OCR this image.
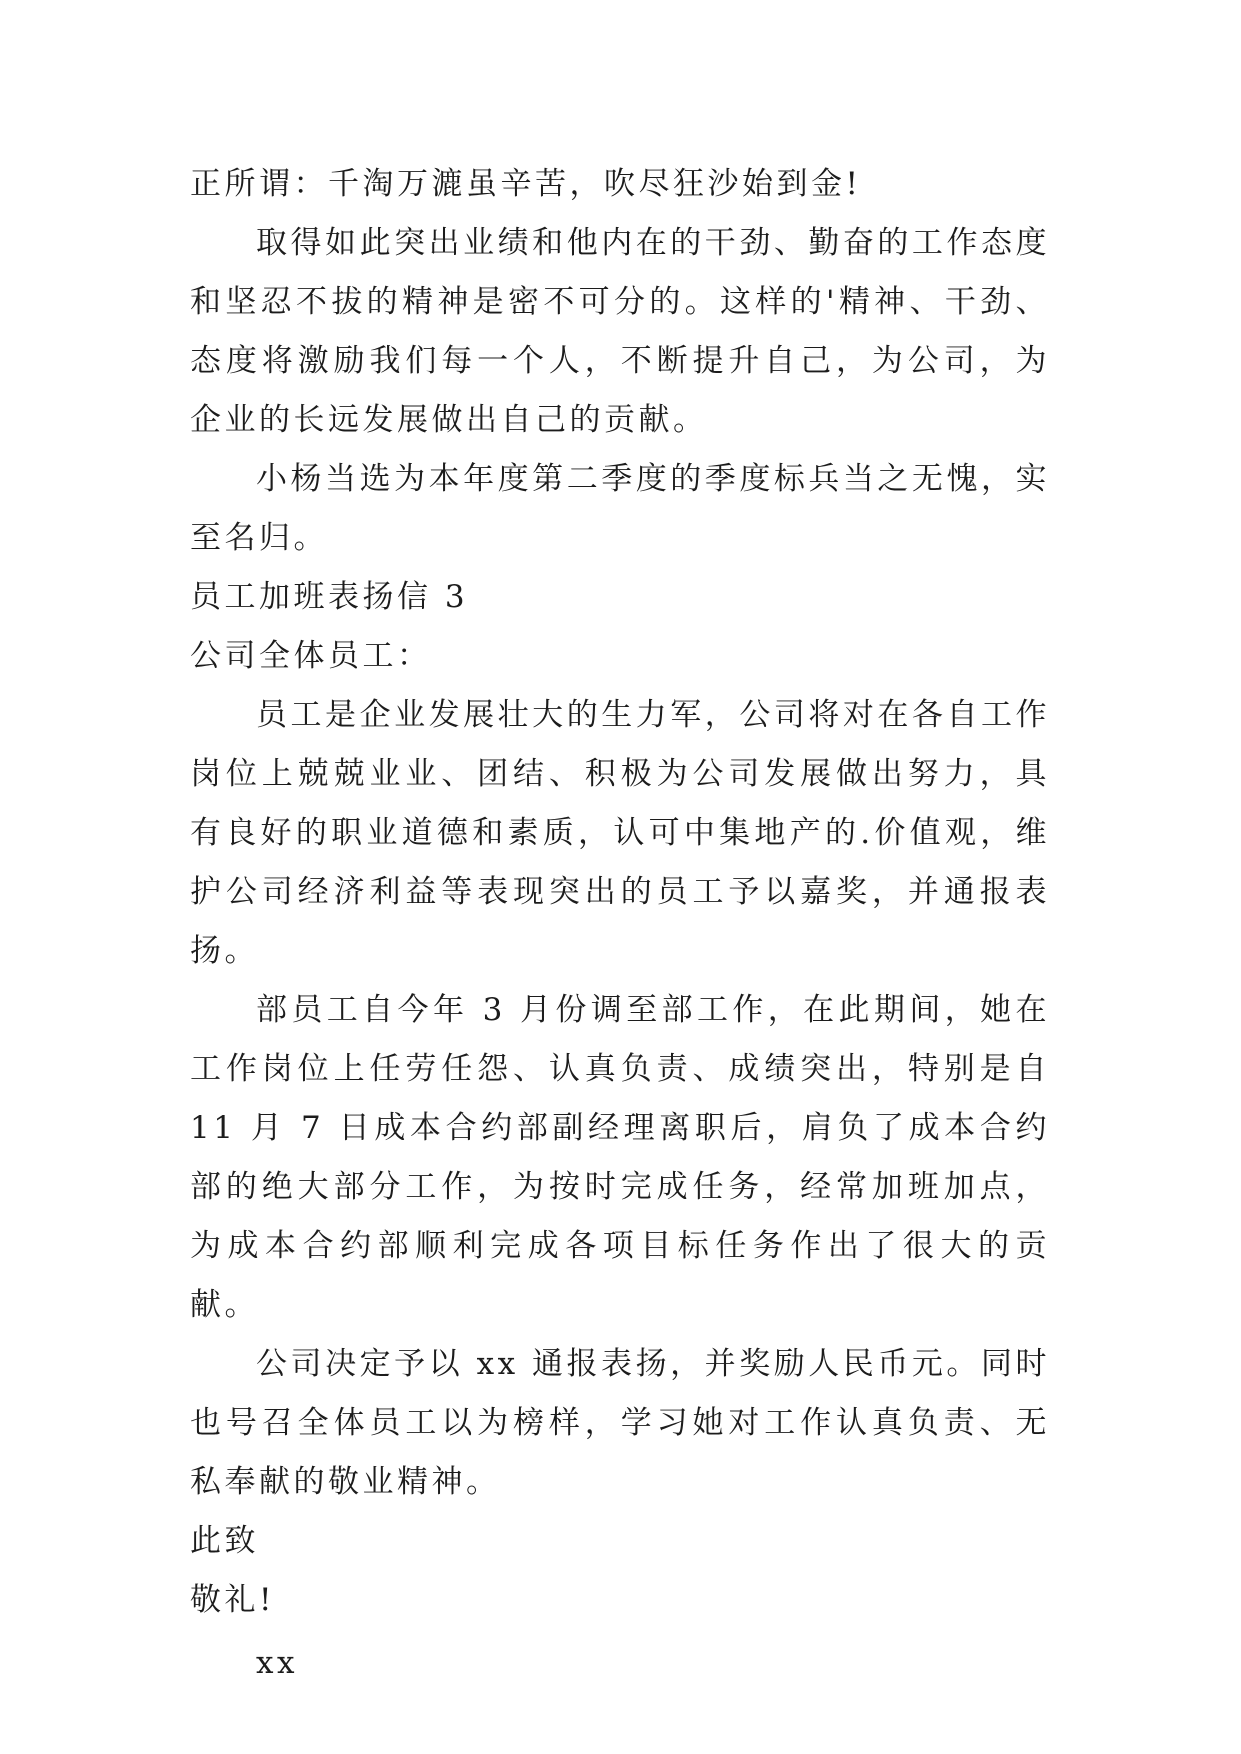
正所谓：千淘万漉虽辛苦，吹尽狂沙始到金!

取得如此突出业绩和他内在的干劲、勤奋的工作态度和坚忍不拔的精神是密不可分的。这样的'精神、干劲、态度将激励我们每一个人，不断提升自己，为公司，为企业的长远发展做出自己的贡献。

小杨当选为本年度第二季度的季度标兵当之无愧，实至名归。

员工加班表扬信 3

公司全体员工：

员工是企业发展壮大的生力军，公司将对在各自工作岗位上兢兢业业、团结、积极为公司发展做出努力，具有良好的职业道德和素质，认可中集地产的.价值观，维护公司经济利益等表现突出的员工予以嘉奖，并通报表扬。

部员工自今年 3 月份调至部工作，在此期间，她在工作岗位上任劳任怨、认真负责、成绩突出，特别是自 11 月 7 日成本合约部副经理离职后，肩负了成本合约部的绝大部分工作，为按时完成任务，经常加班加点，为成本合约部顺利完成各项目标任务作出了很大的贡献。

公司决定予以 xx 通报表扬，并奖励人民币元。同时也号召全体员工以为榜样，学习她对工作认真负责、无私奉献的敬业精神。

此致

敬礼!

xx
